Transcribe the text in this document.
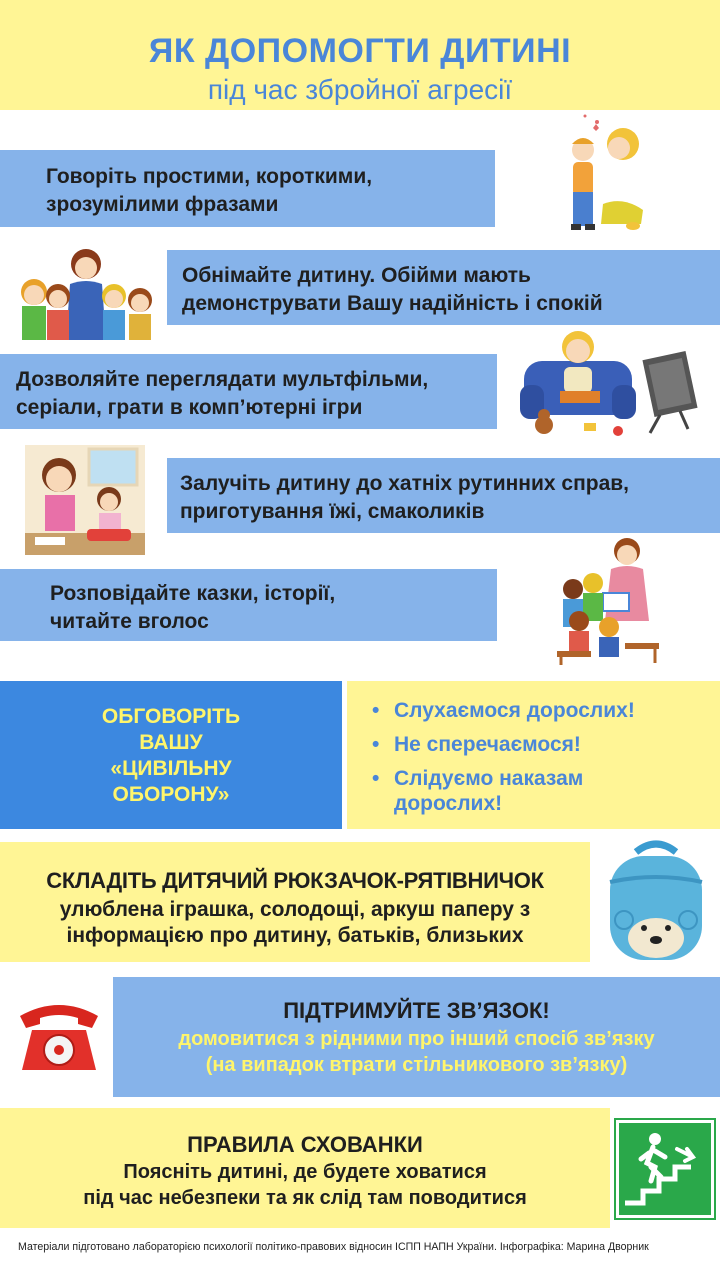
ЯК ДОПОМОГТИ ДИТИНІ
під час збройної агресії
Говоріть простими, короткими,
зрозумілими фразами
Обнімайте дитину. Обійми мають
демонструвати Вашу надійність і спокій
Дозволяйте переглядати мультфільми,
серіали, грати в комп’ютерні ігри
Залучіть дитину до хатніх рутинних справ,
приготування їжі, смаколиків
Розповідайте казки, історії,
читайте вголос
ОБГОВОРІТЬ
ВАШУ
«ЦИВІЛЬНУ
ОБОРОНУ»
• Слухаємося дорослих!
• Не сперечаємося!
• Слідуємо наказам дорослих!
СКЛАДІТЬ ДИТЯЧИЙ РЮКЗАЧОК-РЯТІВНИЧОК
улюблена іграшка, солодощі, аркуш паперу з
інформацією про дитину, батьків, близьких
ПІДТРИМУЙТЕ ЗВ’ЯЗОК!
домовитися з рідними про інший спосіб зв’язку
(на випадок втрати стільникового зв’язку)
ПРАВИЛА СХОВАНКИ
Поясніть дитині, де будете ховатися
під час небезпеки та як слід там поводитися
Матеріали підготовано лабораторією психології політико-правових відносин ІСПП НАПН України. Інфографіка: Марина Дворник
